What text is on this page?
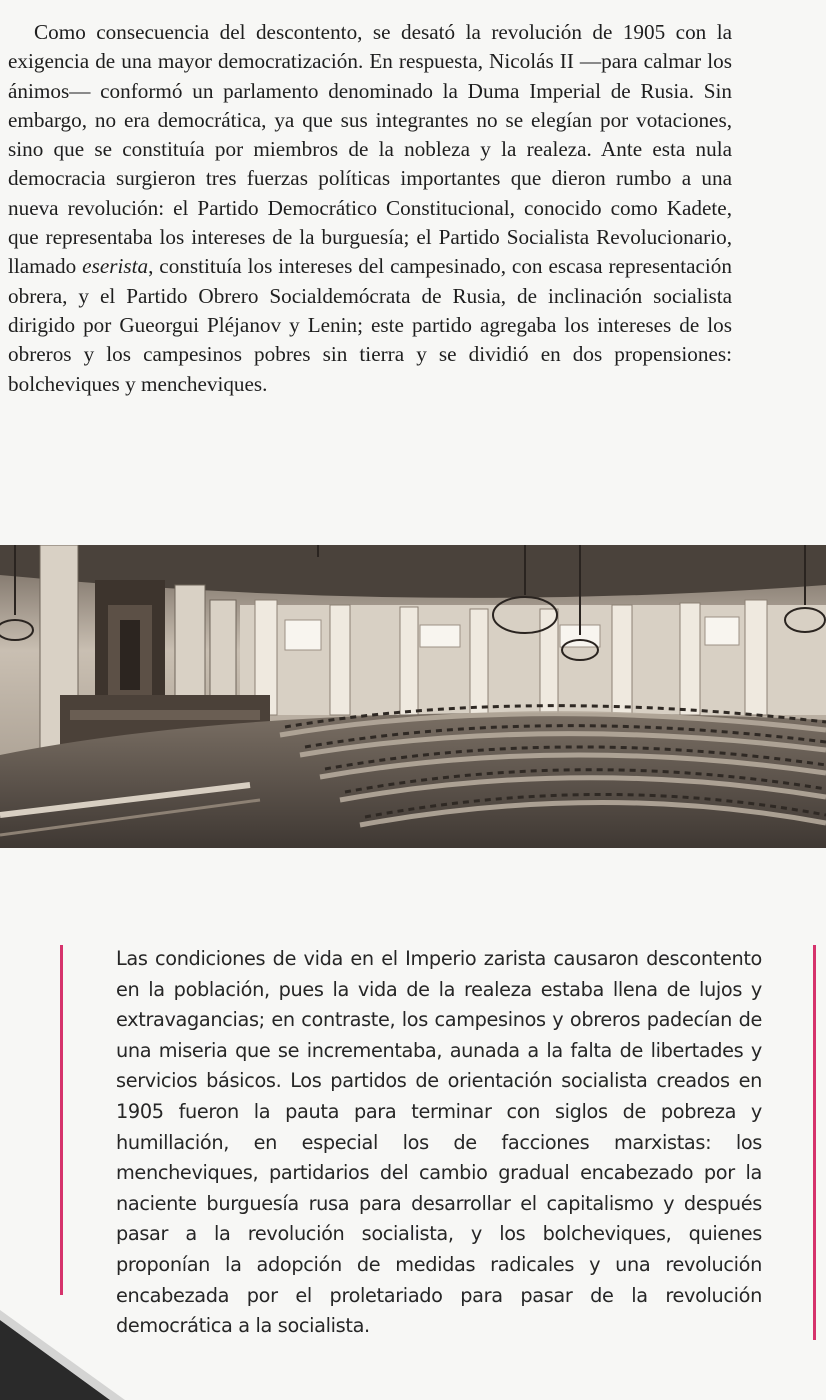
Como consecuencia del descontento, se desató la revolución de 1905 con la exigencia de una mayor democratización. En respuesta, Nicolás II —para calmar los ánimos— conformó un parlamento denominado la Duma Imperial de Rusia. Sin embargo, no era democrática, ya que sus integrantes no se elegían por votaciones, sino que se constituía por miembros de la nobleza y la realeza. Ante esta nula democracia surgieron tres fuerzas políticas importantes que dieron rumbo a una nueva revolución: el Partido Democrático Constitucional, conocido como Kadete, que representaba los intereses de la burguesía; el Partido Socialista Revolucionario, llamado eserista, constituía los intereses del campesinado, con escasa representación obrera, y el Partido Obrero Socialdemócrata de Rusia, de inclinación socialista dirigido por Gueorgui Pléjanov y Lenin; este partido agregaba los intereses de los obreros y los campesinos pobres sin tierra y se dividió en dos propensiones: bolcheviques y mencheviques.

Las condiciones de vida en el Imperio zarista causaron descontento en la población, pues la vida de la realeza estaba llena de lujos y extravagancias; en contraste, los campesinos y obreros padecían de una miseria que se incrementaba, aunada a la falta de libertades y servicios básicos. Los partidos de orientación socialista creados en 1905 fueron la pauta para terminar con siglos de pobreza y humillación, en especial los de facciones marxistas: los mencheviques, partidarios del cambio gradual encabezado por la naciente burguesía rusa para desarrollar el capitalismo y después pasar a la revolución socialista, y los bolcheviques, quienes proponían la adopción de medidas radicales y una revolución encabezada por el proletariado para pasar de la revolución democrática a la socialista.
